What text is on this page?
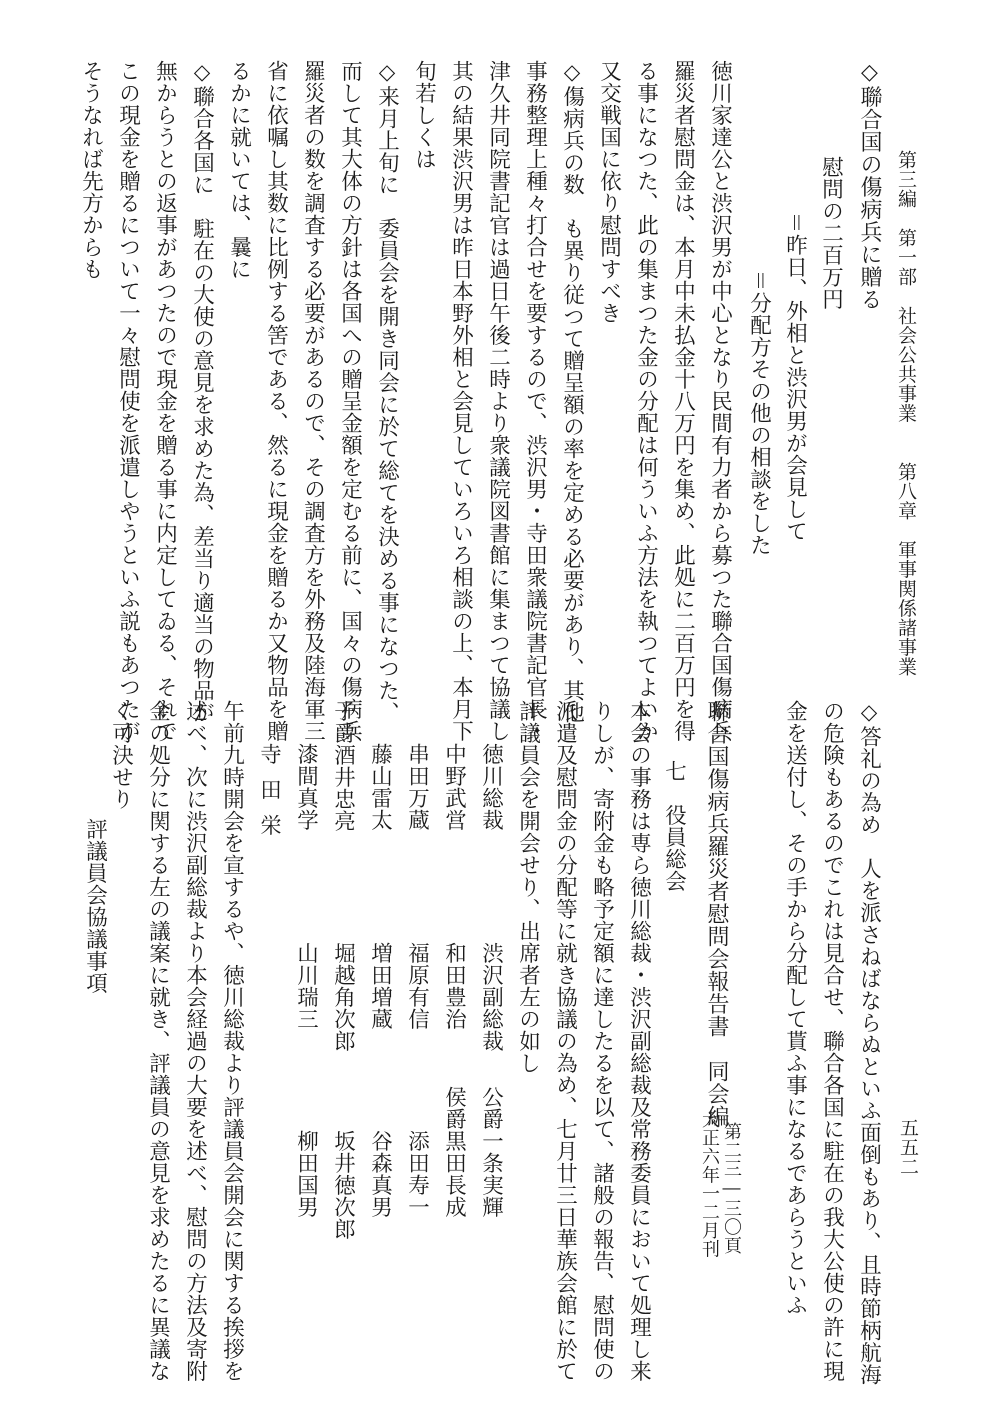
第三編　第一部　社会公共事業　　第八章　軍事関係諸事業

五五二

◇聯合国の傷病兵に贈る

慰問の二百万円

＝昨日、外相と渋沢男が会見して

＝分配方その他の相談をした

徳川家達公と渋沢男が中心となり民間有力者から募つた聯合国傷病兵

羅災者慰問金は、本月中未払金十八万円を集め、此処に二百万円を得

る事になつた、此の集まつた金の分配は何ういふ方法を執つてよいか

又交戦国に依り慰問すべき

◇傷病兵の数　も異り従つて贈呈額の率を定める必要があり、其他

事務整理上種々打合せを要するので、渋沢男・寺田衆議院書記官長・

津久井同院書記官は過日午後二時より衆議院図書館に集まつて協議し

其の結果渋沢男は昨日本野外相と会見していろいろ相談の上、本月下

旬若しくは

◇来月上旬に　委員会を開き同会に於て総てを決める事になつた、

而して其大体の方針は各国への贈呈金額を定むる前に、国々の傷病兵

羅災者の数を調査する必要があるので、その調査方を外務及陸海軍三

省に依嘱し其数に比例する筈である、然るに現金を贈るか又物品を贈

るかに就いては、曩に

◇聯合各国に　駐在の大使の意見を求めた為、差当り適当の物品が

無からうとの返事があつたので現金を贈る事に内定してゐる、それで

この現金を贈るについて一々慰問使を派遣しやうといふ説もあつたが

そうなれば先方からも

◇答礼の為め　人を派さねばならぬといふ面倒もあり、且時節柄航海

の危険もあるのでこれは見合せ、聯合各国に駐在の我大公使の許に現

金を送付し、その手から分配して貰ふ事になるであらうといふ

聯合国傷病兵羅災者慰問会報告書　同会編

第二三―三〇頁

大正六年一二月刊

七　役員総会

本会の事務は専ら徳川総裁・渋沢副総裁及常務委員において処理し来

りしが、寄附金も略予定額に達したるを以て、諸般の報告、慰問使の

派遣及慰問金の分配等に就き協議の為め、七月廿三日華族会館に於て

評議員会を開会せり、出席者左の如し

徳川総裁

渋沢副総裁

公爵一条実輝

中野武営

和田豊治

侯爵黒田長成

串田万蔵

福原有信

添田寿一

藤山雷太

増田増蔵

谷森真男

子爵酒井忠亮

堀越角次郎

坂井徳次郎

漆間真学

山川瑞三

柳田国男

寺田栄

午前九時開会を宣するや、徳川総裁より評議員会開会に関する挨拶を

述べ、次に渋沢副総裁より本会経過の大要を述べ、慰問の方法及寄附

金の処分に関する左の議案に就き、評議員の意見を求めたるに異議な

く可決せり

評議員会協議事項
